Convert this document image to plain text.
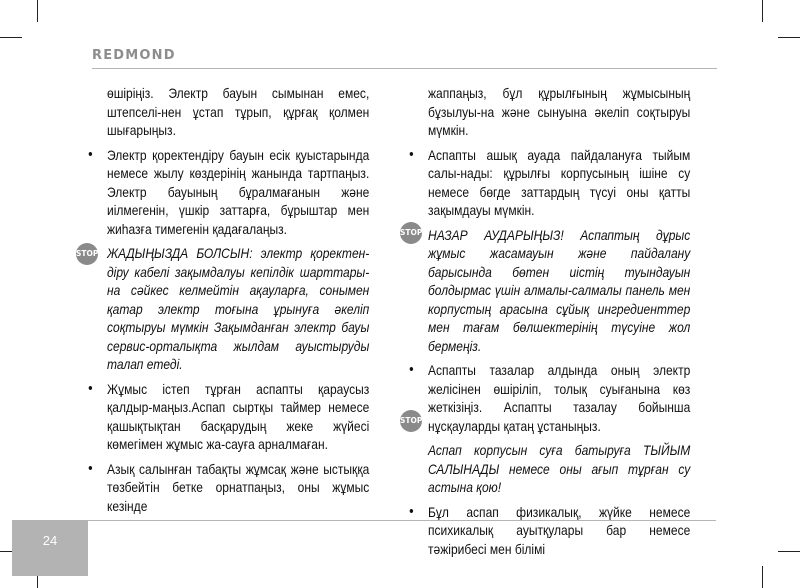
REDMOND
STOP
STOP
STOP

өшіріңіз. Электр бауын сымынан емес, штепселі-нен ұстап тұрып, құрғақ қолмен шығарыңыз.

• Электр қоректендіру бауын есік қуыстарында немесе жылу көздерінің жанында тартпаңыз. Электр бауының бұралмағанын және иілмегенін, үшкір заттарға, бұрыштар мен жиһазға тимегенін қадағалаңыз.

ЖАДЫҢЫЗДА БОЛСЫН: электр қоректен-діру кабелі зақымдалуы кепілдік шарттары-на сәйкес келмейтін ақауларға, сонымен қатар электр тоғына ұрынуға әкеліп соқтыруы мүмкін Зақымданған электр бауы сервис-орталықта жылдам ауыстыруды талап етеді.

• Жұмыс істеп тұрған аспапты қараусыз қалдыр-маңыз.Аспап сыртқы таймер немесе қашықтықтан басқарудың жеке жүйесі көмегімен жұмыс жа-сауға арналмаған.

• Азық салынған табақты жұмсақ және ыстыққа төзбейтін бетке орнатпаңыз, оны жұмыс кезінде

жаппаңыз, бұл құрылғының жұмысының бұзылуы-на және сынуына әкеліп соқтыруы мүмкін.

• Аспапты ашық ауада пайдалануға тыйым салы-нады: құрылғы корпусының ішіне су немесе бөгде заттардың түсуі оны қатты зақымдауы мүмкін.

НАЗАР АУДАРЫҢЫЗ! Аспаптың дұрыс жұмыс жасамауын және пайдалану барысында бөтен иістің туындауын болдырмас үшін алмалы-салмалы панель мен корпустың арасына сұйық ингредиенттер мен тағам бөлшектерінің түсуіне жол бермеңіз.

• Аспапты тазалар алдында оның электр желісінен өшіріліп, толық суығанына көз жеткізіңіз. Аспапты тазалау бойынша нұсқауларды қатаң ұстаныңыз.

Аспап корпусын суға батыруға ТЫЙЫМ САЛЫНАДЫ немесе оны ағып тұрған су астына қою!

• Бұл аспап физикалық, жүйке немесе психикалық ауытқулары бар немесе тәжірибесі мен білімі

24
